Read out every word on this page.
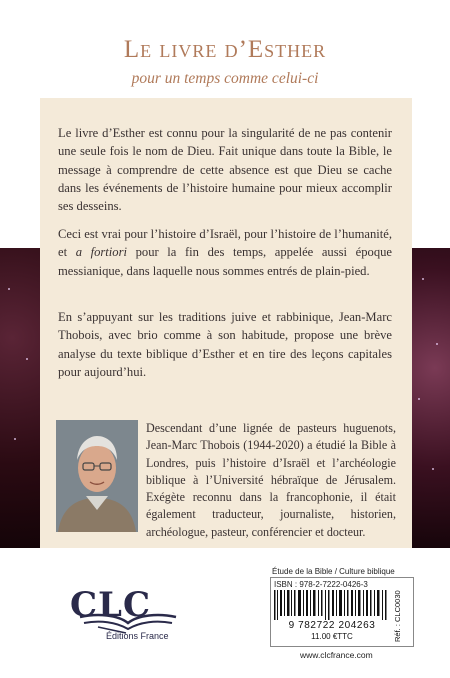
Le livre d’Esther
pour un temps comme celui-ci

Le livre d’Esther est connu pour la singularité de ne pas contenir une seule fois le nom de Dieu. Fait unique dans toute la Bible, le message à comprendre de cette absence est que Dieu se cache dans les événements de l’histoire humaine pour mieux accomplir ses desseins.

Ceci est vrai pour l’histoire d’Israël, pour l’histoire de l’humanité, et a fortiori pour la fin des temps, appelée aussi époque messianique, dans laquelle nous sommes entrés de plain-pied.

En s’appuyant sur les traditions juive et rabbinique, Jean-Marc Thobois, avec brio comme à son habitude, propose une brève analyse du texte biblique d’Esther et en tire des leçons capitales pour aujourd’hui.

Descendant d’une lignée de pasteurs huguenots, Jean-Marc Thobois (1944-2020) a étudié la Bible à Londres, puis l’histoire d’Israël et l’archéologie biblique à l’Université hébraïque de Jérusalem. Exégète reconnu dans la francophonie, il était également traducteur, journaliste, historien, archéologue, pasteur, conférencier et docteur.

CLC
Éditions France
Étude de la Bible / Culture biblique
ISBN : 978-2-7222-0426-3
9 782722 204263
11.00 €TTC	Réf. : CLC0030
www.clcfrance.com
